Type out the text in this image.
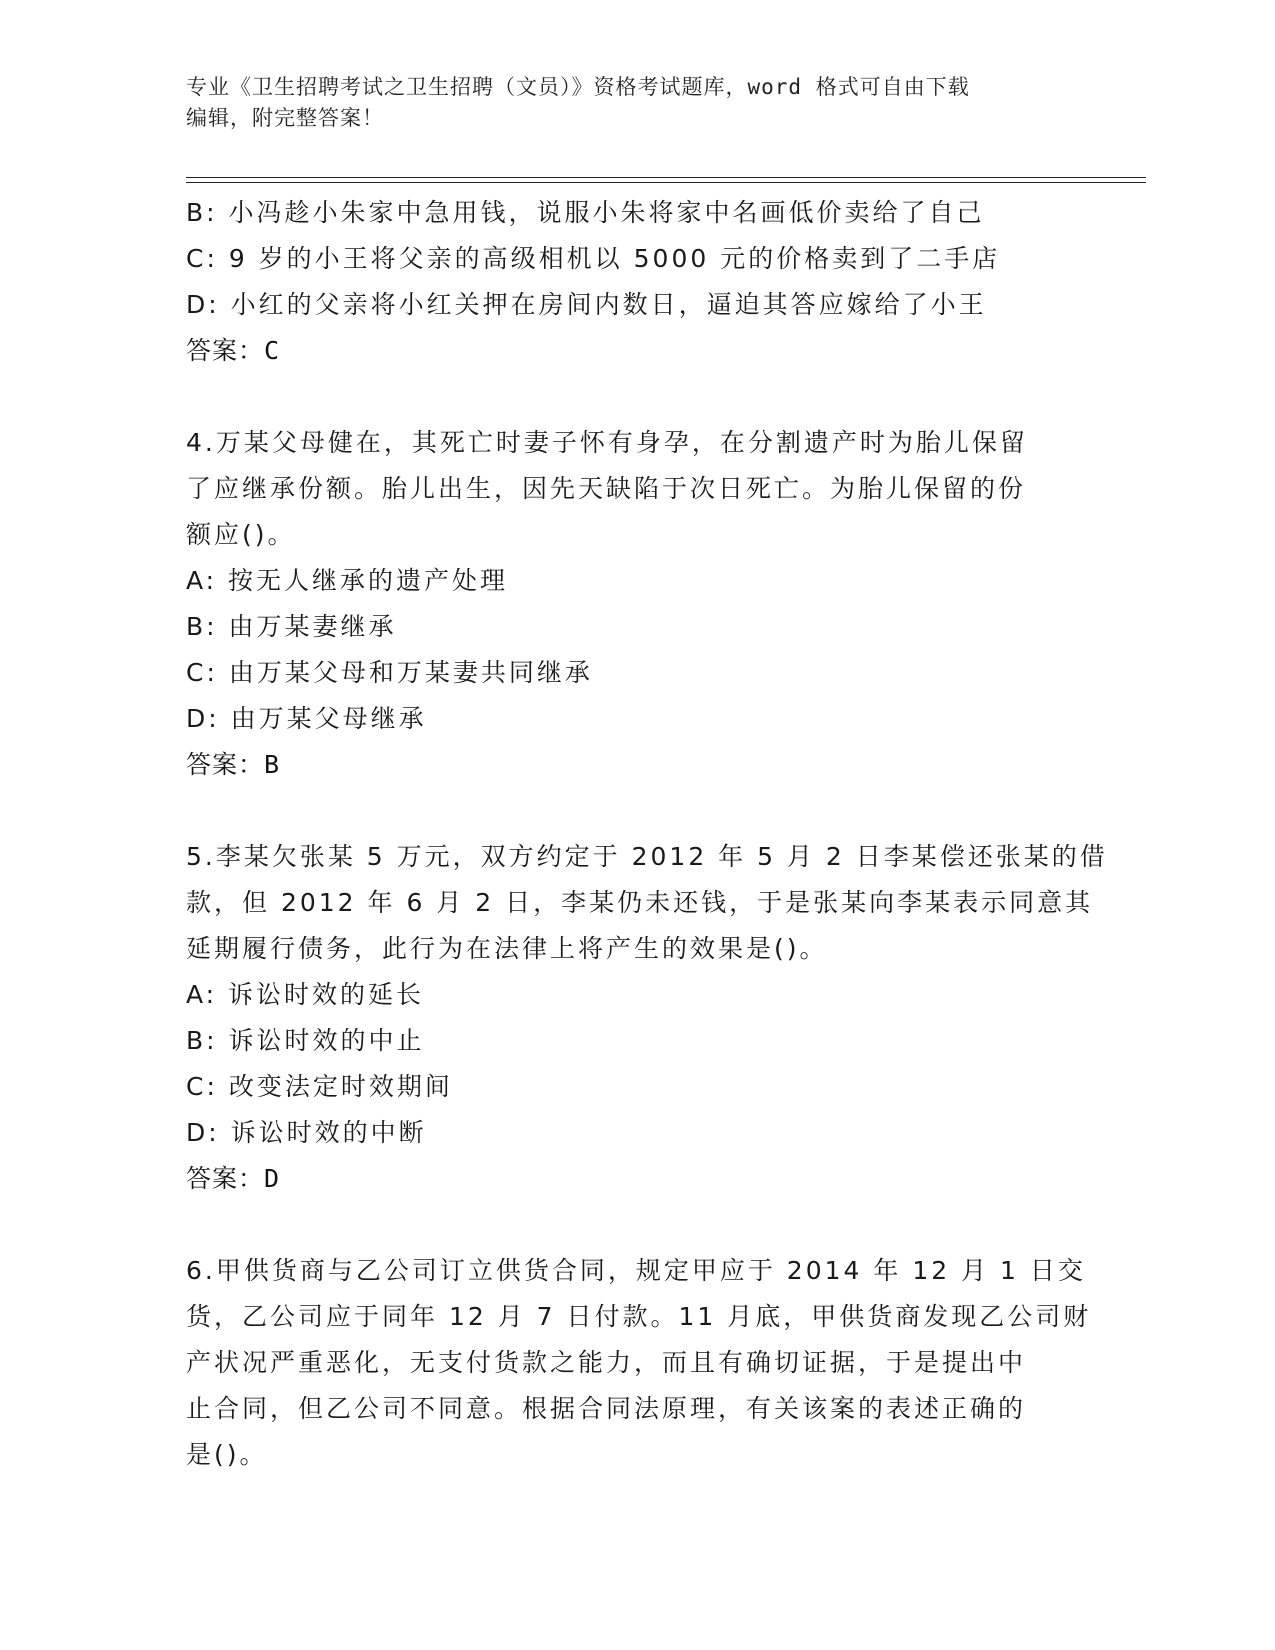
专业《卫生招聘考试之卫生招聘（文员）》资格考试题库，word 格式可自由下载
编辑，附完整答案！
B: 小冯趁小朱家中急用钱，说服小朱将家中名画低价卖给了自己
C: 9 岁的小王将父亲的高级相机以 5000 元的价格卖到了二手店
D: 小红的父亲将小红关押在房间内数日，逼迫其答应嫁给了小王
答案：C
4.万某父母健在，其死亡时妻子怀有身孕，在分割遗产时为胎儿保留
了应继承份额。胎儿出生，因先天缺陷于次日死亡。为胎儿保留的份
额应()。
A: 按无人继承的遗产处理
B: 由万某妻继承
C: 由万某父母和万某妻共同继承
D: 由万某父母继承
答案：B
5.李某欠张某 5 万元，双方约定于 2012 年 5 月 2 日李某偿还张某的借
款，但 2012 年 6 月 2 日，李某仍未还钱，于是张某向李某表示同意其
延期履行债务，此行为在法律上将产生的效果是()。
A: 诉讼时效的延长
B: 诉讼时效的中止
C: 改变法定时效期间
D: 诉讼时效的中断
答案：D
6.甲供货商与乙公司订立供货合同，规定甲应于 2014 年 12 月 1 日交
货，乙公司应于同年 12 月 7 日付款。11 月底，甲供货商发现乙公司财
产状况严重恶化，无支付货款之能力，而且有确切证据，于是提出中
止合同，但乙公司不同意。根据合同法原理，有关该案的表述正确的
是()。
